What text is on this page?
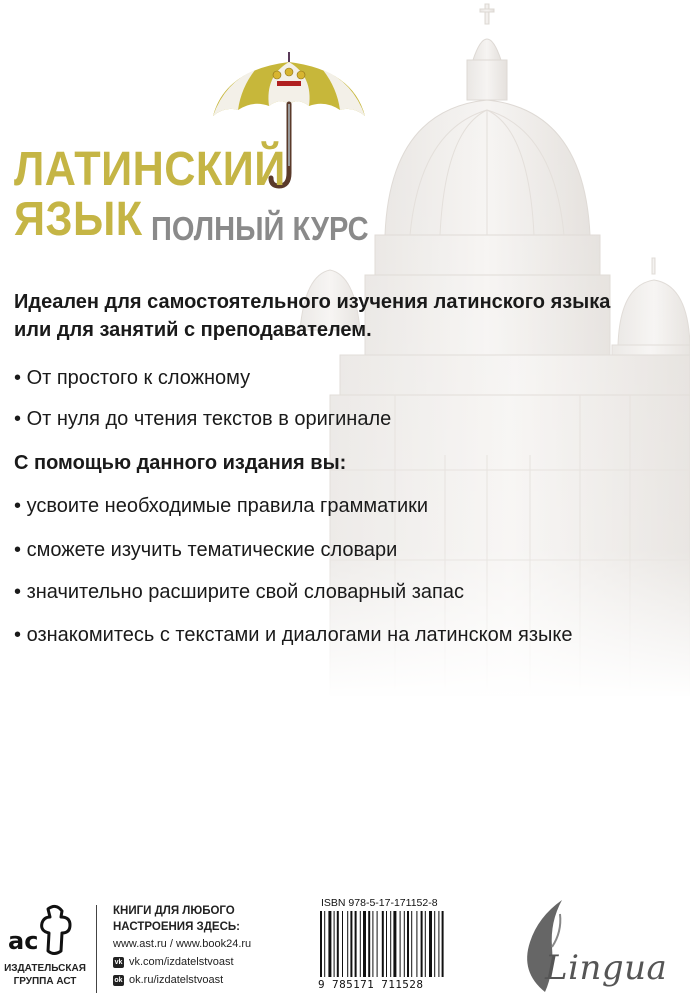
ЛАТИНСКИЙ
ЯЗЫК ПОЛНЫЙ КУРС
Идеален для самостоятельного изучения латинского языка
или для занятий с преподавателем.
• От простого к сложному
• От нуля до чтения текстов в оригинале
С помощью данного издания вы:
• усвоите необходимые правила грамматики
• сможете изучить тематические словари
• значительно расширите свой словарный запас
• ознакомитесь с текстами и диалогами на латинском языке
ac
ИЗДАТЕЛЬСКАЯ
ГРУППА АСТ
КНИГИ ДЛЯ ЛЮБОГО
НАСТРОЕНИЯ ЗДЕСЬ:
www.ast.ru / www.book24.ru
vk vk.com/izdatelstvoast
ok ok.ru/izdatelstvoast
ISBN 978-5-17-171152-8
9 785171 711528	Lingua
